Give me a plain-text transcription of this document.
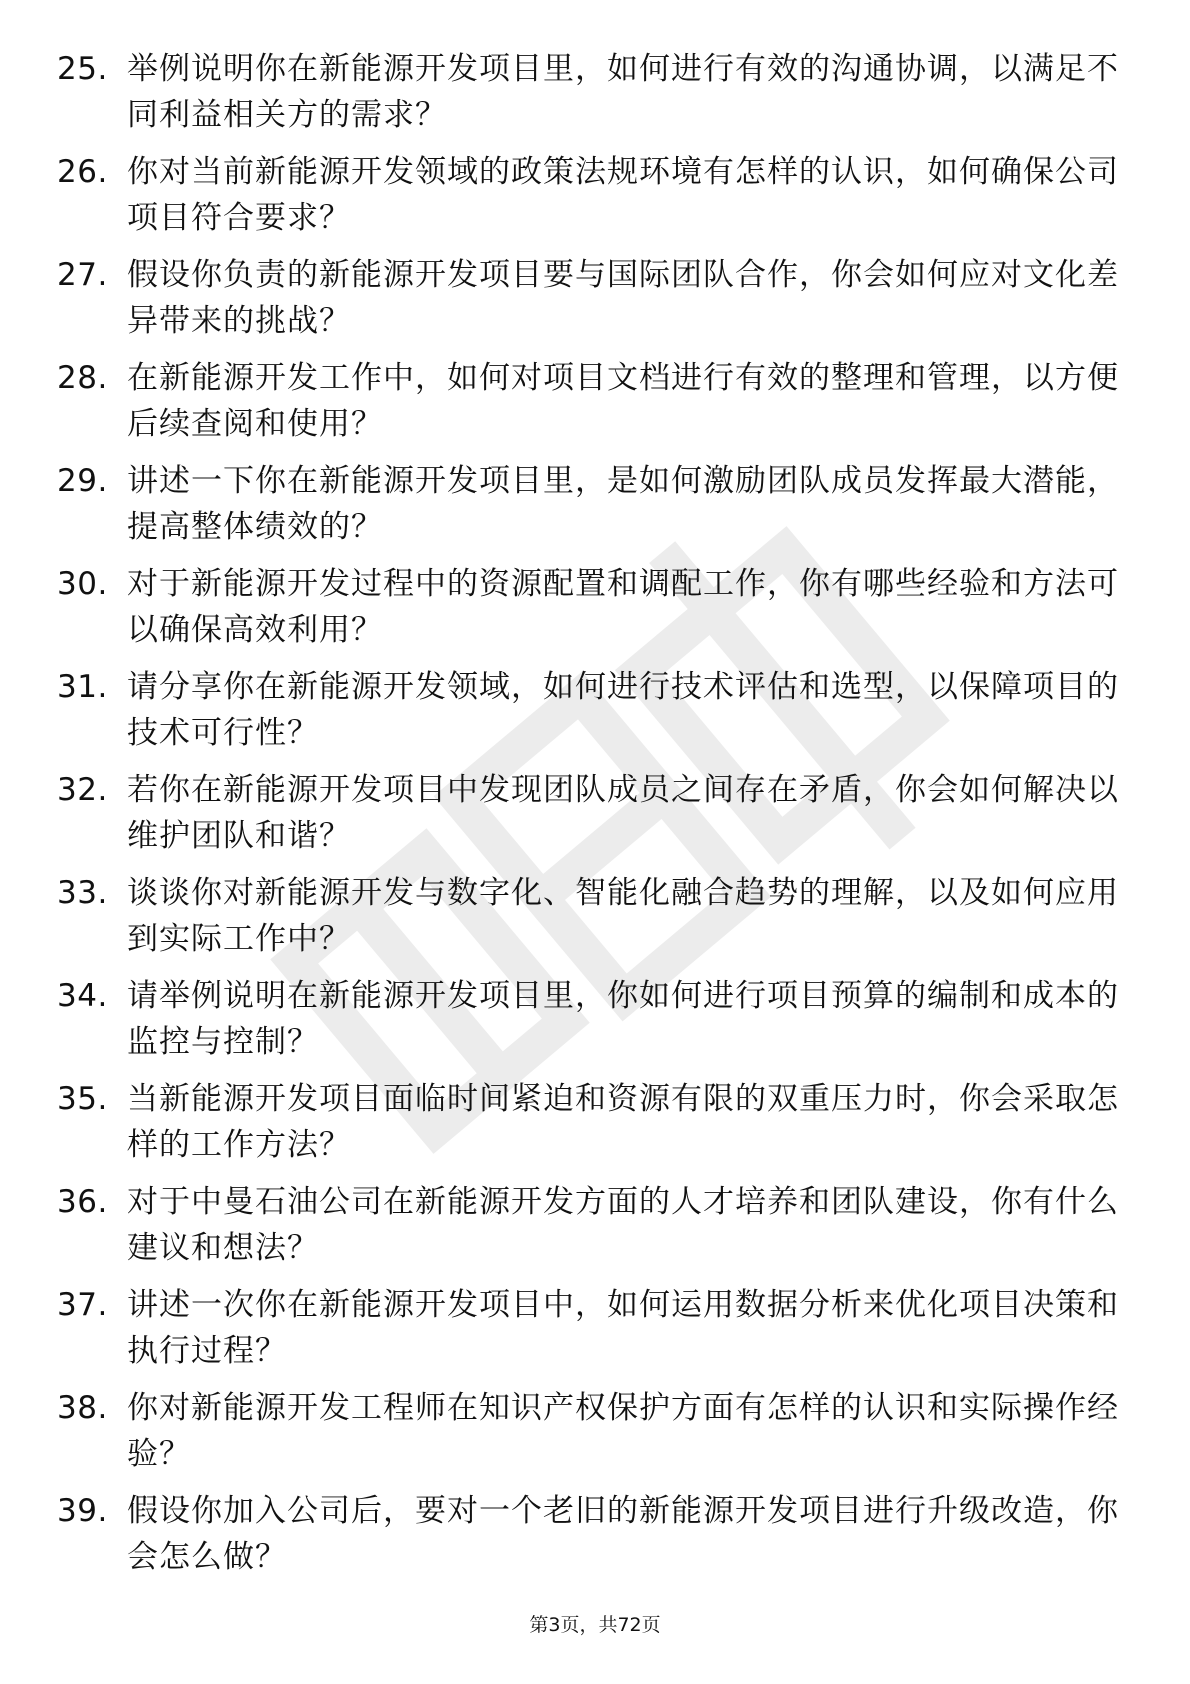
25. 举例说明你在新能源开发项目里，如何进行有效的沟通协调，以满足不同利益相关方的需求？
26. 你对当前新能源开发领域的政策法规环境有怎样的认识，如何确保公司项目符合要求？
27. 假设你负责的新能源开发项目要与国际团队合作，你会如何应对文化差异带来的挑战？
28. 在新能源开发工作中，如何对项目文档进行有效的整理和管理，以方便后续查阅和使用？
29. 讲述一下你在新能源开发项目里，是如何激励团队成员发挥最大潜能，提高整体绩效的？
30. 对于新能源开发过程中的资源配置和调配工作，你有哪些经验和方法可以确保高效利用？
31. 请分享你在新能源开发领域，如何进行技术评估和选型，以保障项目的技术可行性？
32. 若你在新能源开发项目中发现团队成员之间存在矛盾，你会如何解决以维护团队和谐？
33. 谈谈你对新能源开发与数字化、智能化融合趋势的理解，以及如何应用到实际工作中？
34. 请举例说明在新能源开发项目里，你如何进行项目预算的编制和成本的监控与控制？
35. 当新能源开发项目面临时间紧迫和资源有限的双重压力时，你会采取怎样的工作方法？
36. 对于中曼石油公司在新能源开发方面的人才培养和团队建设，你有什么建议和想法？
37. 讲述一次你在新能源开发项目中，如何运用数据分析来优化项目决策和执行过程？
38. 你对新能源开发工程师在知识产权保护方面有怎样的认识和实际操作经验？
39. 假设你加入公司后，要对一个老旧的新能源开发项目进行升级改造，你会怎么做？
第3页，共72页
